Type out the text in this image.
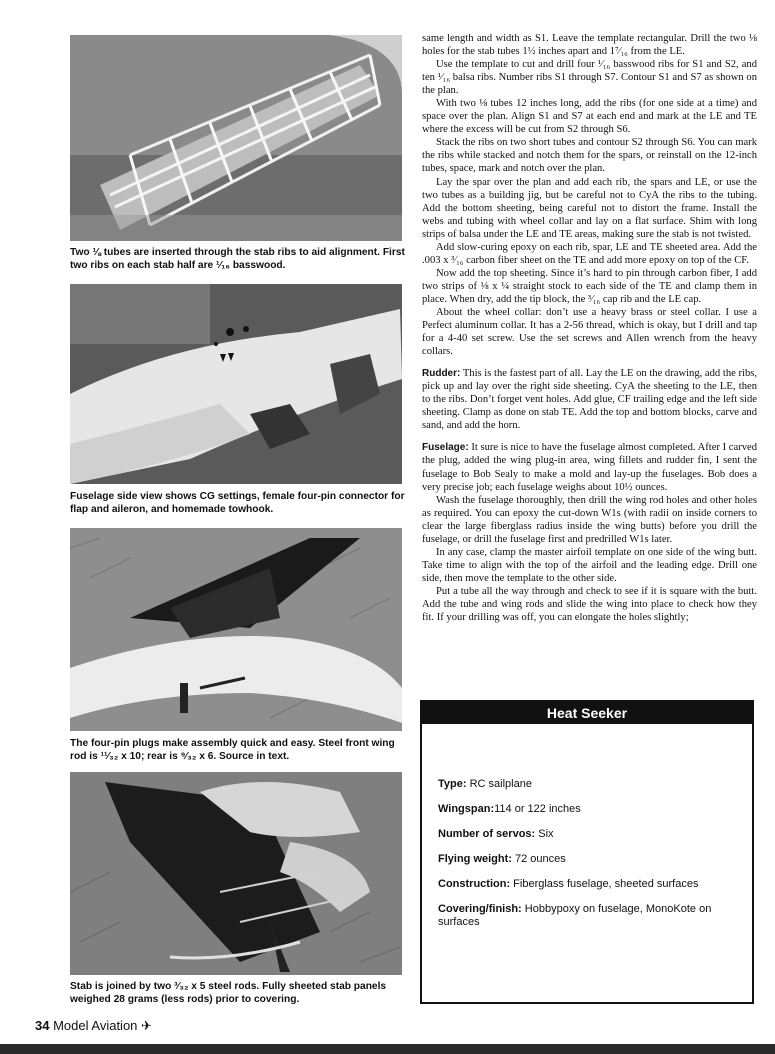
Two ⅛ tubes are inserted through the stab ribs to aid alignment. First two ribs on each stab half are ¹⁄₁₆ basswood.
Fuselage side view shows CG settings, female four-pin connector for flap and aileron, and homemade towhook.
The four-pin plugs make assembly quick and easy. Steel front wing rod is ¹¹⁄₃₂ x 10; rear is ⁹⁄₃₂ x 6. Source in text.
Stab is joined by two ³⁄₃₂ x 5 steel rods. Fully sheeted stab panels weighed 28 grams (less rods) prior to covering.

same length and width as S1. Leave the template rectangular. Drill the two ⅛ holes for the stab tubes 1½ inches apart and 1⁷⁄₁₆ from the LE.

Use the template to cut and drill four ¹⁄₁₆ basswood ribs for S1 and S2, and ten ¹⁄₁₆ balsa ribs. Number ribs S1 through S7. Contour S1 and S7 as shown on the plan.

With two ⅛ tubes 12 inches long, add the ribs (for one side at a time) and space over the plan. Align S1 and S7 at each end and mark at the LE and TE where the excess will be cut from S2 through S6.

Stack the ribs on two short tubes and contour S2 through S6. You can mark the ribs while stacked and notch them for the spars, or reinstall on the 12-inch tubes, space, mark and notch over the plan.

Lay the spar over the plan and add each rib, the spars and LE, or use the two tubes as a building jig, but be careful not to CyA the ribs to the tubing. Add the bottom sheeting, being careful not to distort the frame. Install the webs and tubing with wheel collar and lay on a flat surface. Shim with long strips of balsa under the LE and TE areas, making sure the stab is not twisted.

Add slow-curing epoxy on each rib, spar, LE and TE sheeted area. Add the .003 x ³⁄₁₆ carbon fiber sheet on the TE and add more epoxy on top of the CF.

Now add the top sheeting. Since it’s hard to pin through carbon fiber, I add two strips of ⅛ x ¼ straight stock to each side of the TE and clamp them in place. When dry, add the tip block, the ³⁄₁₆ cap rib and the LE cap.

About the wheel collar: don’t use a heavy brass or steel collar. I use a Perfect aluminum collar. It has a 2-56 thread, which is okay, but I drill and tap for a 4-40 set screw. Use the set screws and Allen wrench from the heavy collars.

Rudder: This is the fastest part of all. Lay the LE on the drawing, add the ribs, pick up and lay over the right side sheeting. CyA the sheeting to the LE, then to the ribs. Don’t forget vent holes. Add glue, CF trailing edge and the left side sheeting. Clamp as done on stab TE. Add the top and bottom blocks, carve and sand, and add the horn.

Fuselage: It sure is nice to have the fuselage almost completed. After I carved the plug, added the wing plug-in area, wing fillets and rudder fin, I sent the fuselage to Bob Sealy to make a mold and lay-up the fuselages. Bob does a very precise job; each fuselage weighs about 10½ ounces.

Wash the fuselage thoroughly, then drill the wing rod holes and other holes as required. You can epoxy the cut-down W1s (with radii on inside corners to clear the large fiberglass radius inside the wing butts) before you drill the fuselage, or drill the fuselage first and predrilled W1s later.

In any case, clamp the master airfoil template on one side of the wing butt. Take time to align with the top of the airfoil and the leading edge. Drill one side, then move the template to the other side.

Put a tube all the way through and check to see if it is square with the butt. Add the tube and wing rods and slide the wing into place to check how they fit. If your drilling was off, you can elongate the holes slightly;

Heat Seeker
Type: RC sailplane
Wingspan:114 or 122 inches
Number of servos: Six
Flying weight: 72 ounces
Construction: Fiberglass fuselage, sheeted surfaces
Covering/finish: Hobbypoxy on fuselage, MonoKote on surfaces
34 Model Aviation ✈
